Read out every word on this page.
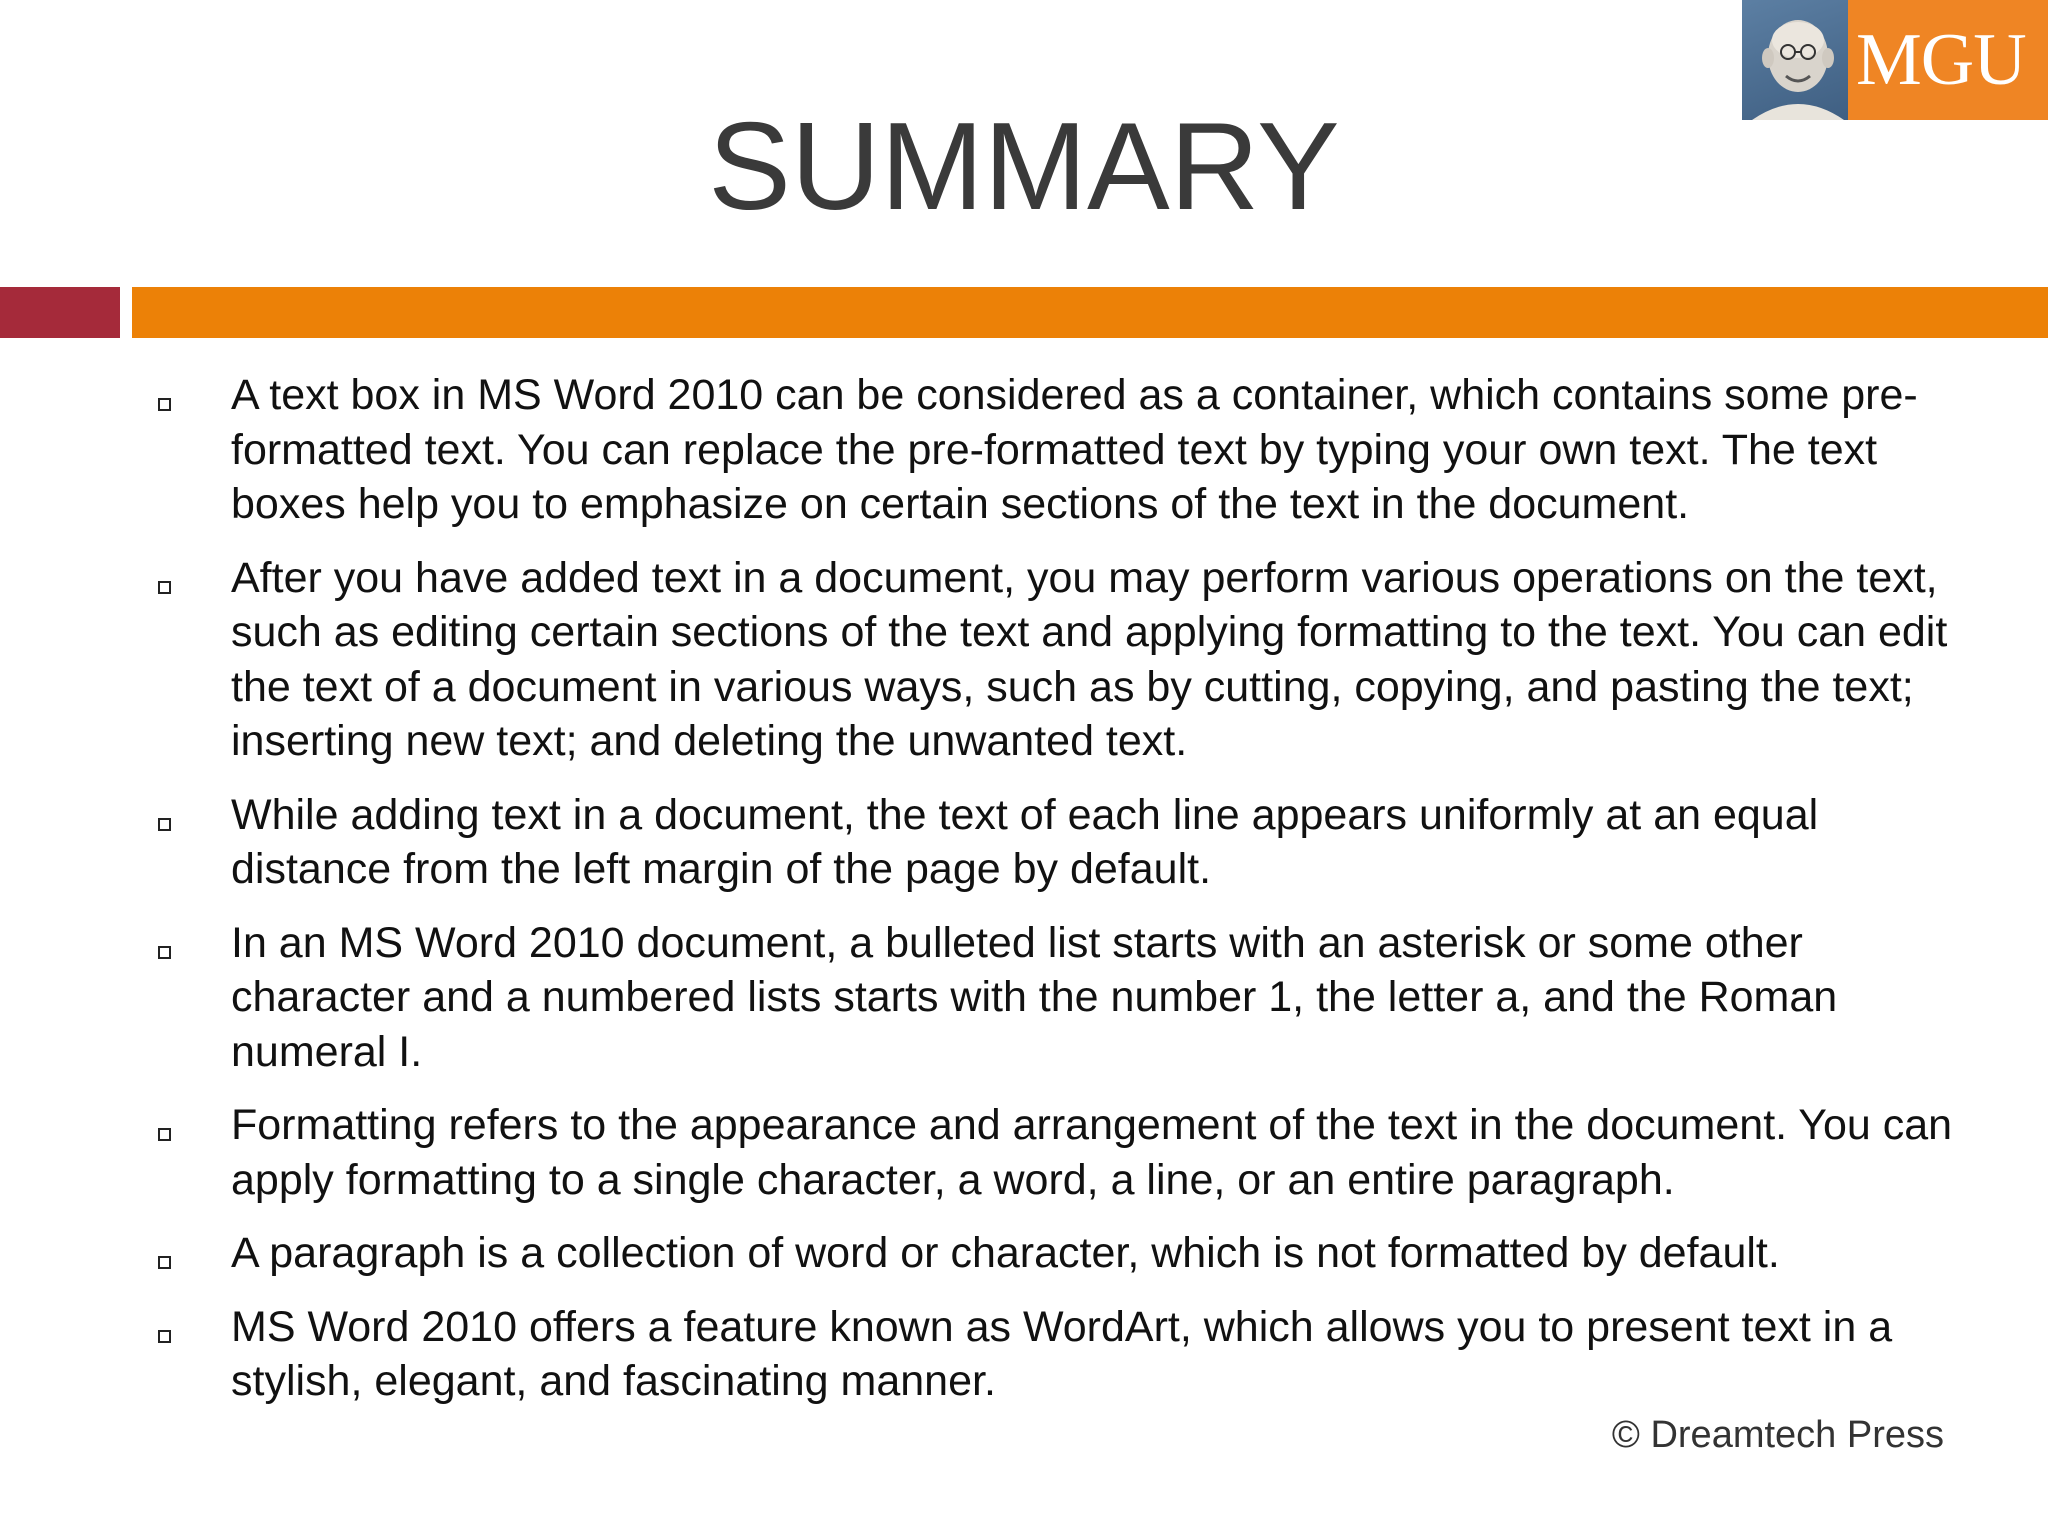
MGU
SUMMARY
A text box in MS Word 2010 can be considered as a container, which contains some pre-formatted text. You can replace the pre-formatted text by typing your own text. The text boxes help you to emphasize on certain sections of the text in the document.
After you have added text in a document, you may perform various operations on the text, such as editing certain sections of the text and applying formatting to the text. You can edit the text of a document in various ways, such as by cutting, copying, and pasting the text; inserting new text; and deleting the unwanted text.
While adding text in a document, the text of each line appears uniformly at an equal distance from the left margin of the page by default.
In an MS Word 2010 document, a bulleted list starts with an asterisk or some other character and a numbered lists starts with the number 1, the letter a, and the Roman numeral I.
Formatting refers to the appearance and arrangement of the text in the document. You can apply formatting to a single character, a word, a line, or an entire paragraph.
A paragraph is a collection of word or character, which is not formatted by default.
MS Word 2010 offers a feature known as WordArt, which allows you to present text in a stylish, elegant, and fascinating manner.
© Dreamtech Press
